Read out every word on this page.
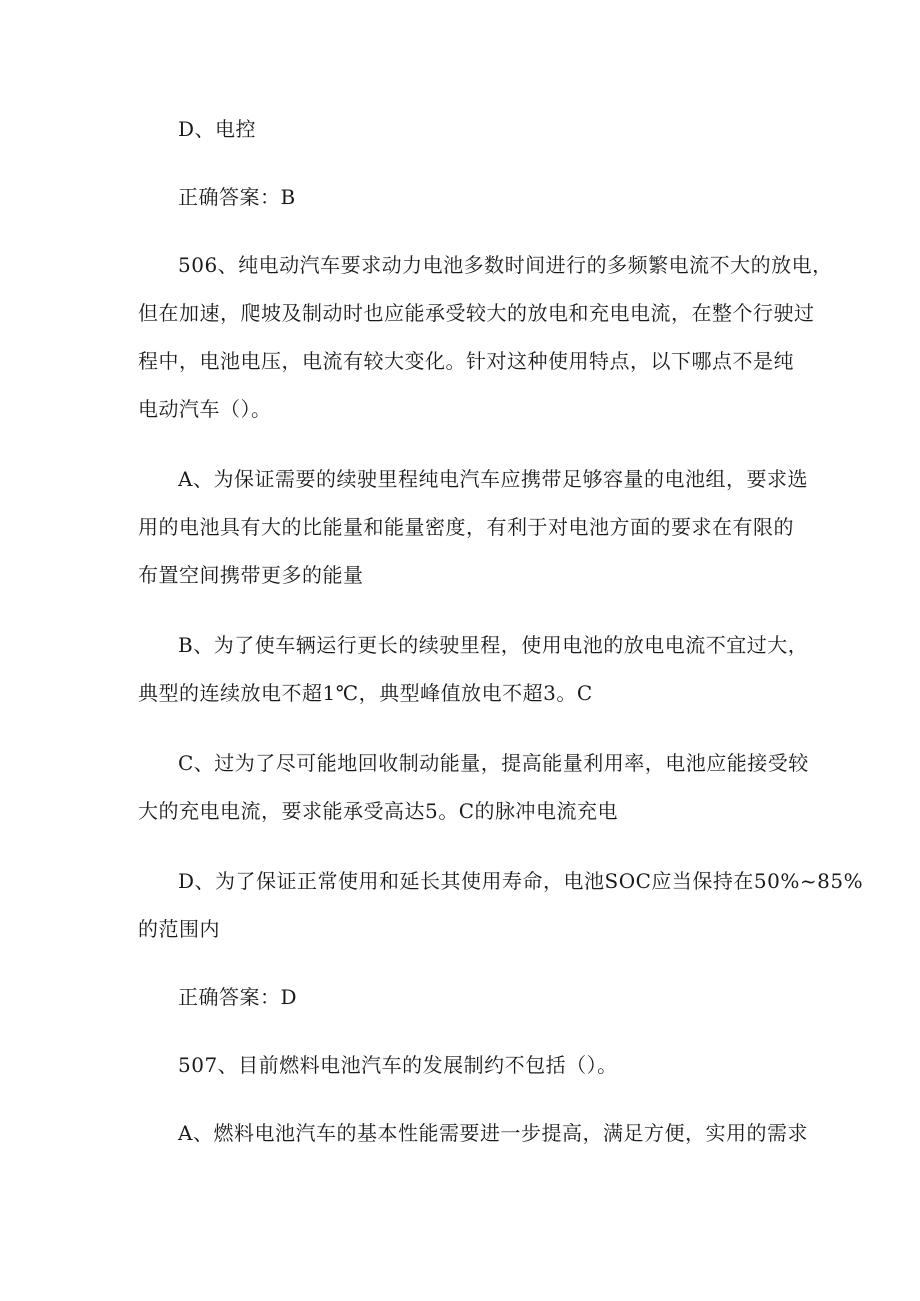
D、电控
正确答案：B
506、纯电动汽车要求动力电池多数时间进行的多频繁电流不大的放电，
但在加速，爬坡及制动时也应能承受较大的放电和充电电流，在整个行驶过
程中，电池电压，电流有较大变化。针对这种使用特点，以下哪点不是纯
电动汽车（）。
A、为保证需要的续驶里程纯电汽车应携带足够容量的电池组，要求选
用的电池具有大的比能量和能量密度，有利于对电池方面的要求在有限的
布置空间携带更多的能量
B、为了使车辆运行更长的续驶里程，使用电池的放电电流不宜过大，
典型的连续放电不超1℃，典型峰值放电不超3。C
C、过为了尽可能地回收制动能量，提高能量利用率，电池应能接受较
大的充电电流，要求能承受高达5。C的脉冲电流充电
D、为了保证正常使用和延长其使用寿命，电池SOC应当保持在50%~85%
的范围内
正确答案：D
507、目前燃料电池汽车的发展制约不包括（）。
A、燃料电池汽车的基本性能需要进一步提高，满足方便，实用的需求
